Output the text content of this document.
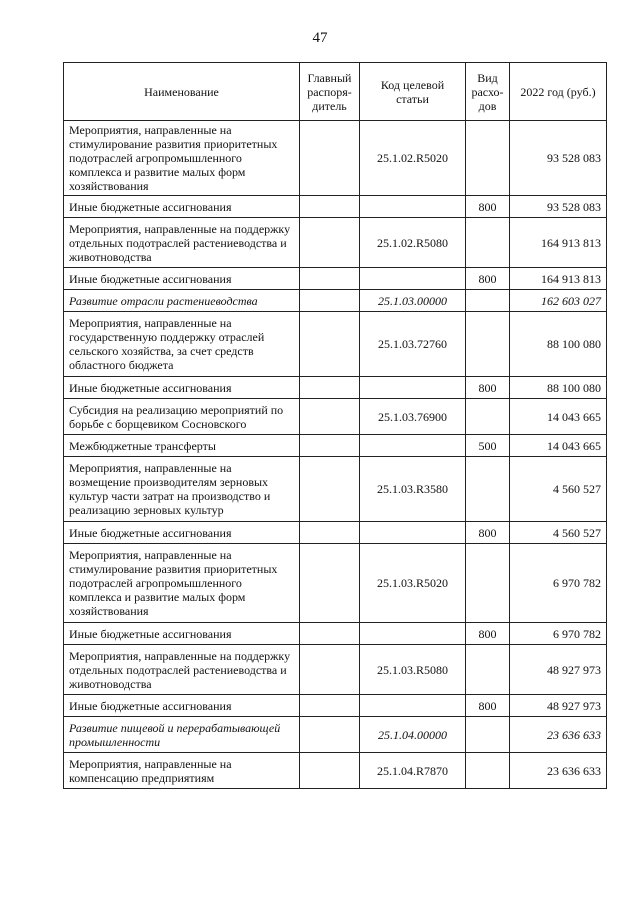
47
Наименование	Главный распоря-дитель	Код целевой статьи	Вид расхо-дов	2022 год (руб.)
Мероприятия, направленные на стимулирование развития приоритетных подотраслей агропромышленного комплекса и развитие малых форм хозяйствования		25.1.02.R5020		93 528 083
Иные бюджетные ассигнования			800	93 528 083
Мероприятия, направленные на поддержку отдельных подотраслей растениеводства и животноводства		25.1.02.R5080		164 913 813
Иные бюджетные ассигнования			800	164 913 813
Развитие отрасли растениеводства		25.1.03.00000		162 603 027
Мероприятия, направленные на государственную поддержку отраслей сельского хозяйства, за счет средств областного бюджета		25.1.03.72760		88 100 080
Иные бюджетные ассигнования			800	88 100 080
Субсидия на реализацию мероприятий по борьбе с борщевиком Сосновского		25.1.03.76900		14 043 665
Межбюджетные трансферты			500	14 043 665
Мероприятия, направленные на возмещение производителям зерновых культур части затрат на производство и реализацию зерновых культур		25.1.03.R3580		4 560 527
Иные бюджетные ассигнования			800	4 560 527
Мероприятия, направленные на стимулирование развития приоритетных подотраслей агропромышленного комплекса и развитие малых форм хозяйствования		25.1.03.R5020		6 970 782
Иные бюджетные ассигнования			800	6 970 782
Мероприятия, направленные на поддержку отдельных подотраслей растениеводства и животноводства		25.1.03.R5080		48 927 973
Иные бюджетные ассигнования			800	48 927 973
Развитие пищевой и перерабатывающей промышленности		25.1.04.00000		23 636 633
Мероприятия, направленные на компенсацию предприятиям		25.1.04.R7870		23 636 633
